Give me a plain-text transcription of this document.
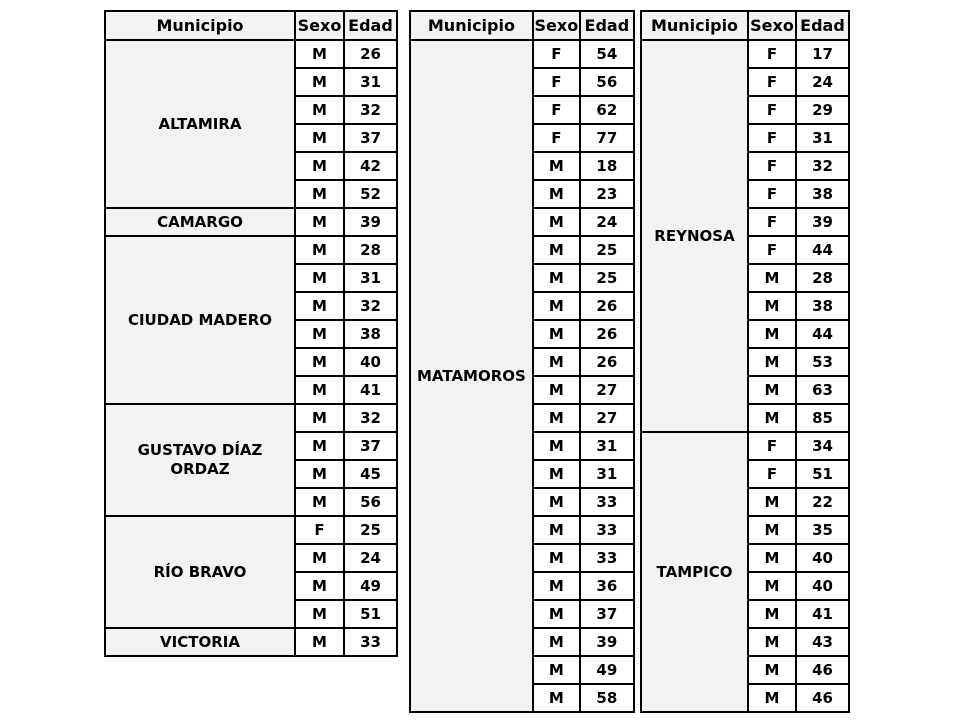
Municipio	Sexo	Edad
ALTAMIRA	M	26
	M	31
	M	32
	M	37
	M	42
	M	52
CAMARGO	M	39
CIUDAD MADERO	M	28
	M	31
	M	32
	M	38
	M	40
	M	41
GUSTAVO DÍAZ ORDAZ	M	32
	M	37
	M	45
	M	56
RÍO BRAVO	F	25
	M	24
	M	49
	M	51
VICTORIA	M	33
Municipio	Sexo	Edad
MATAMOROS	F	54
	F	56
	F	62
	F	77
	M	18
	M	23
	M	24
	M	25
	M	25
	M	26
	M	26
	M	26
	M	27
	M	27
	M	31
	M	31
	M	33
	M	33
	M	33
	M	36
	M	37
	M	39
	M	49
	M	58
Municipio	Sexo	Edad
REYNOSA	F	17
	F	24
	F	29
	F	31
	F	32
	F	38
	F	39
	F	44
	M	28
	M	38
	M	44
	M	53
	M	63
	M	85
TAMPICO	F	34
	F	51
	M	22
	M	35
	M	40
	M	40
	M	41
	M	43
	M	46
	M	46
